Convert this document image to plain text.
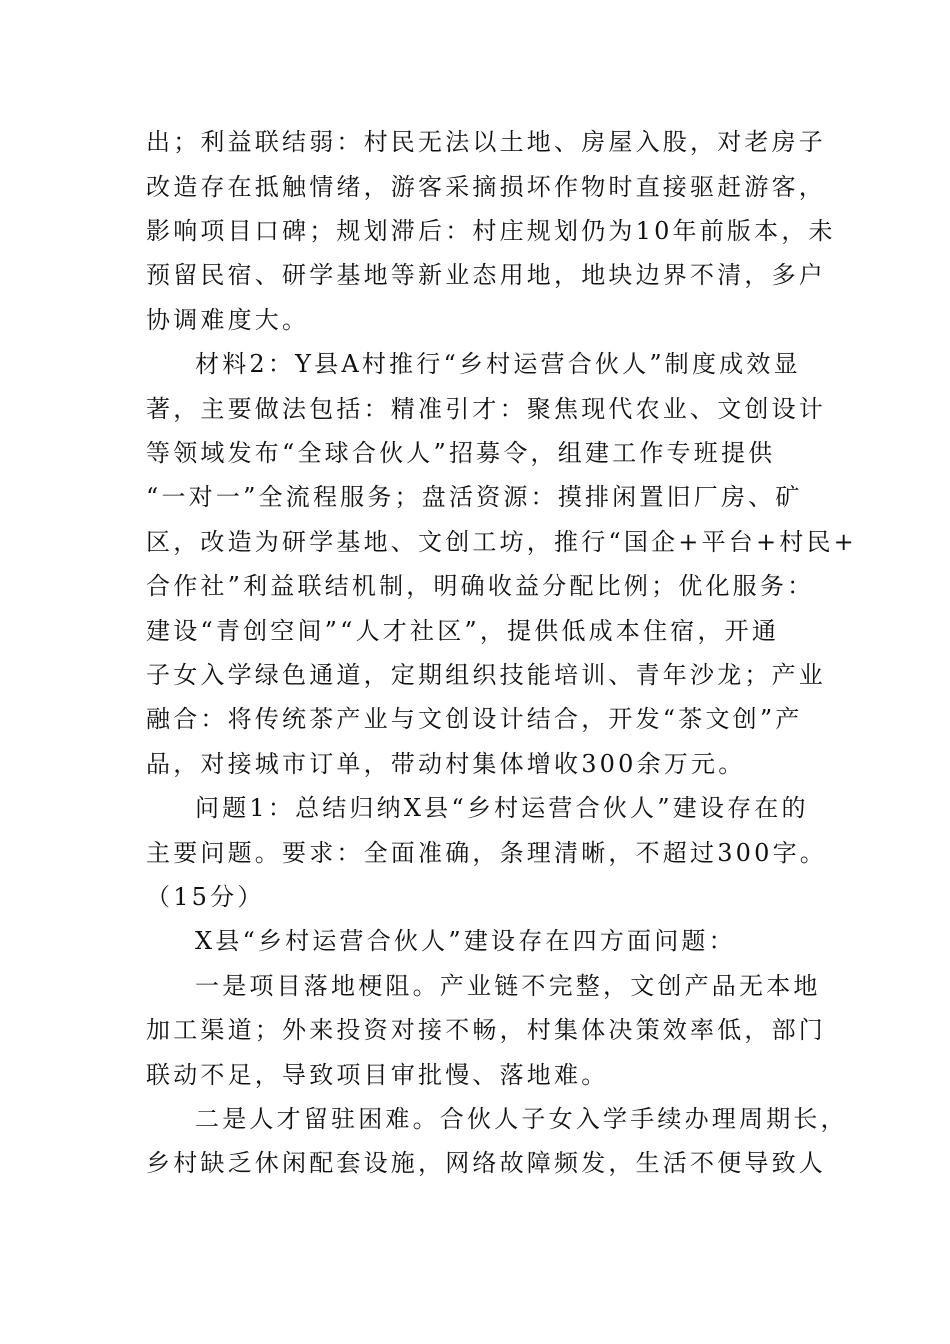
出；利益联结弱：村民无法以土地、房屋入股，对老房子
改造存在抵触情绪，游客采摘损坏作物时直接驱赶游客，
影响项目口碑；规划滞后：村庄规划仍为10年前版本，未
预留民宿、研学基地等新业态用地，地块边界不清，多户
协调难度大。
材料2：Y县A村推行“乡村运营合伙人”制度成效显
著，主要做法包括：精准引才：聚焦现代农业、文创设计
等领域发布“全球合伙人”招募令，组建工作专班提供
“一对一”全流程服务；盘活资源：摸排闲置旧厂房、矿
区，改造为研学基地、文创工坊，推行“国企+平台+村民+
合作社”利益联结机制，明确收益分配比例；优化服务：
建设“青创空间”“人才社区”，提供低成本住宿，开通
子女入学绿色通道，定期组织技能培训、青年沙龙；产业
融合：将传统茶产业与文创设计结合，开发“茶文创”产
品，对接城市订单，带动村集体增收300余万元。
问题1：总结归纳X县“乡村运营合伙人”建设存在的
主要问题。要求：全面准确，条理清晰，不超过300字。
（15分）
X县“乡村运营合伙人”建设存在四方面问题：
一是项目落地梗阻。产业链不完整，文创产品无本地
加工渠道；外来投资对接不畅，村集体决策效率低，部门
联动不足，导致项目审批慢、落地难。
二是人才留驻困难。合伙人子女入学手续办理周期长，
乡村缺乏休闲配套设施，网络故障频发，生活不便导致人
